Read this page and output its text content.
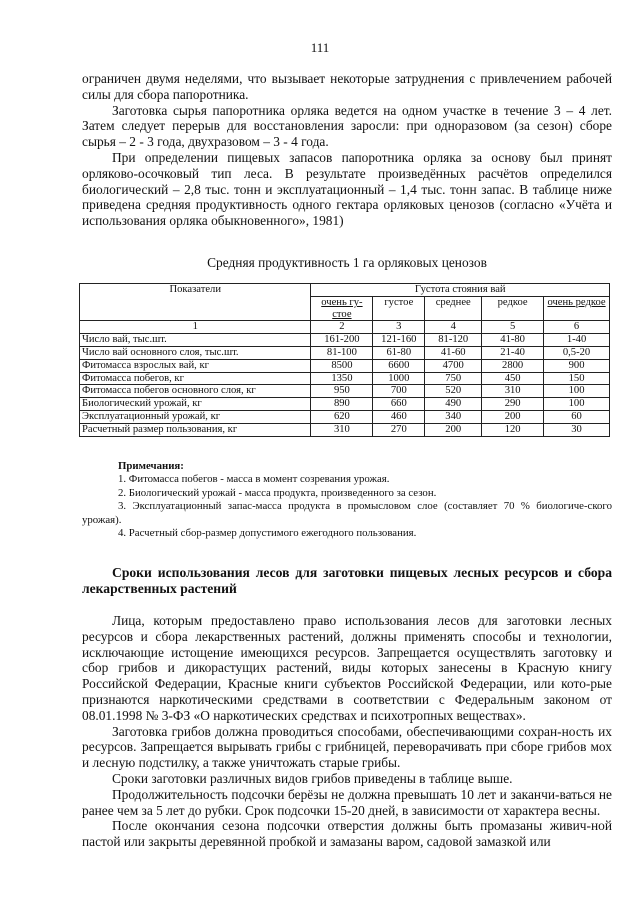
111

ограничен двумя неделями, что вызывает некоторые затруднения с привлечением рабочей силы для сбора папоротника.

Заготовка сырья папоротника орляка ведется на одном участке в течение 3 – 4 лет. Затем следует перерыв для восстановления заросли: при одноразовом (за сезон) сборе сырья – 2 - 3 года, двухразовом – 3 - 4 года.

При определении пищевых запасов папоротника орляка за основу был принят орляково-осочковый тип леса. В результате произведённых расчётов определился биологический – 2,8 тыс. тонн и эксплуатационный – 1,4 тыс. тонн запас. В таблице ниже приведена средняя продуктивность одного гектара орляковых ценозов (согласно «Учёта и использования орляка обыкновенного», 1981)

Средняя продуктивность 1 га орляковых ценозов
Показатели	Густота стояния вай				
	очень гу-стое	густое	среднее	редкое	очень редкое
1	2	3	4	5	6
Число вай, тыс.шт.	161-200	121-160	81-120	41-80	1-40
Число вай основного слоя, тыс.шт.	81-100	61-80	41-60	21-40	0,5-20
Фитомасса взрослых вай, кг	8500	6600	4700	2800	900
Фитомасса побегов, кг	1350	1000	750	450	150
Фитомасса побегов основного слоя, кг	950	700	520	310	100
Биологический урожай, кг	890	660	490	290	100
Эксплуатационный урожай, кг	620	460	340	200	60
Расчетный размер пользования, кг	310	270	200	120	30
Примечания:

1. Фитомасса побегов - масса в момент созревания урожая.

2. Биологический урожай - масса продукта, произведенного за сезон.

3. Эксплуатационный запас-масса продукта в промысловом слое (составляет 70 % биологиче-ского урожая).

4. Расчетный сбор-размер допустимого ежегодного пользования.

Сроки использования лесов для заготовки пищевых лесных ресурсов и сбора лекарственных растений

Лица, которым предоставлено право использования лесов для заготовки лесных ресурсов и сбора лекарственных растений, должны применять способы и технологии, исключающие истощение имеющихся ресурсов. Запрещается осуществлять заготовку и сбор грибов и дикорастущих растений, виды которых занесены в Красную книгу Российской Федерации, Красные книги субъектов Российской Федерации, или кото-рые признаются наркотическими средствами в соответствии с Федеральным законом от 08.01.1998 № 3-ФЗ «О наркотических средствах и психотропных веществах».

Заготовка грибов должна проводиться способами, обеспечивающими сохран-ность их ресурсов. Запрещается вырывать грибы с грибницей, переворачивать при сборе грибов мох и лесную подстилку, а также уничтожать старые грибы.

Сроки заготовки различных видов грибов приведены в таблице выше.

Продолжительность подсочки берёзы не должна превышать 10 лет и заканчи-ваться не ранее чем за 5 лет до рубки. Срок подсочки 15-20 дней, в зависимости от характера весны.

После окончания сезона подсочки отверстия должны быть промазаны живич-ной пастой или закрыты деревянной пробкой и замазаны варом, садовой замазкой или
